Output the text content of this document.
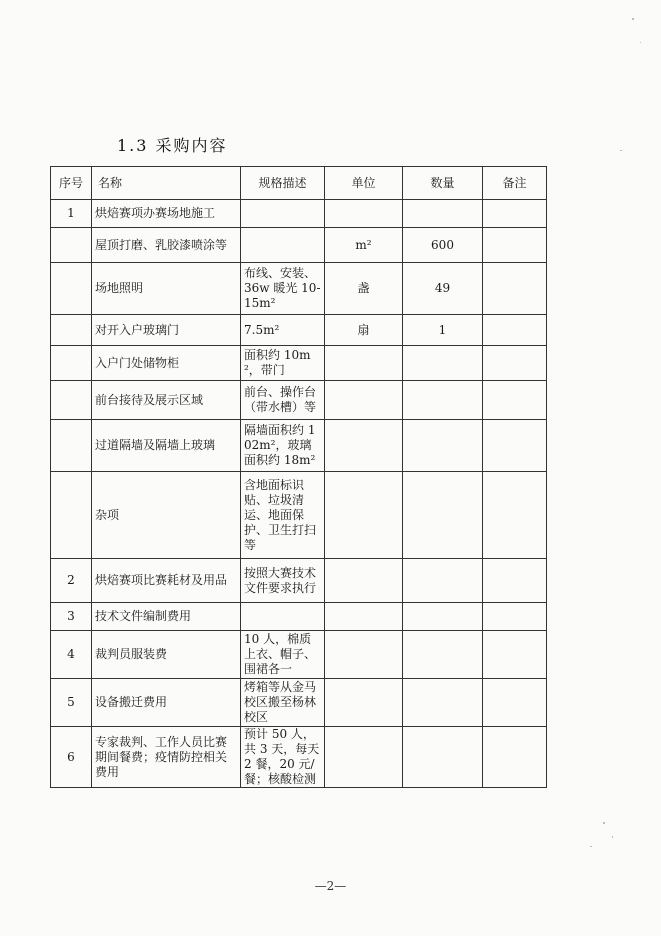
1.3 采购内容
序号	名称	规格描述	单位	数量	备注
1	烘焙赛项办赛场地施工				
	屋顶打磨、乳胶漆喷涂等		m²	600	
	场地照明	布线、安装、36w 暖光 10-15m²	盏	49	
	对开入户玻璃门	7.5m²	扇	1	
	入户门处储物柜	面积约 10m²，带门			
	前台接待及展示区域	前台、操作台（带水槽）等			
	过道隔墙及隔墙上玻璃	隔墙面积约 102m²，玻璃面积约 18m²			
	杂项	含地面标识贴、垃圾清运、地面保护、卫生打扫等			
2	烘焙赛项比赛耗材及用品	按照大赛技术文件要求执行			
3	技术文件编制费用				
4	裁判员服装费	10 人，棉质上衣、帽子、围裙各一			
5	设备搬迁费用	烤箱等从金马校区搬至杨林校区			
6	专家裁判、工作人员比赛期间餐费；疫情防控相关费用	预计 50 人，共 3 天，每天 2 餐，20 元/餐；核酸检测			
—2—
